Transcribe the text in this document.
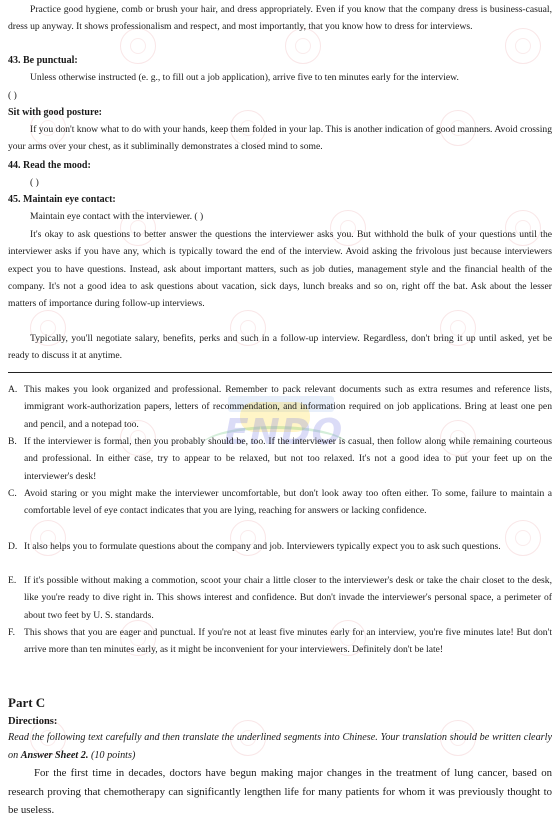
ENDO

Practice good hygiene, comb or brush your hair, and dress appropriately. Even if you know that the company dress is business-casual, dress up anyway. It shows professionalism and respect, and most importantly, that you know how to dress for interviews.

43. Be punctual:

Unless otherwise instructed (e. g., to fill out a job application), arrive five to ten minutes early for the interview.

( )

Sit with good posture:

If you don't know what to do with your hands, keep them folded in your lap. This is another indication of good manners. Avoid crossing your arms over your chest, as it subliminally demonstrates a closed mind to some.

44. Read the mood:

( )

45. Maintain eye contact:

Maintain eye contact with the interviewer. ( )

It's okay to ask questions to better answer the questions the interviewer asks you. But withhold the bulk of your questions until the interviewer asks if you have any, which is typically toward the end of the interview. Avoid asking the frivolous just because interviewers expect you to have questions. Instead, ask about important matters, such as job duties, management style and the financial health of the company. It's not a good idea to ask questions about vacation, sick days, lunch breaks and so on, right off the bat. Ask about the lesser matters of importance during follow-up interviews.

Typically, you'll negotiate salary, benefits, perks and such in a follow-up interview. Regardless, don't bring it up until asked, yet be ready to discuss it at anytime.

A. This makes you look organized and professional. Remember to pack relevant documents such as extra resumes and reference lists, immigrant work-authorization papers, letters of recommendation, and information required on job applications. Bring at least one pen and pencil, and a notepad too.
B. If the interviewer is formal, then you probably should be, too. If the interviewer is casual, then follow along while remaining courteous and professional. In either case, try to appear to be relaxed, but not too relaxed. It's not a good idea to put your feet up on the interviewer's desk!
C. Avoid staring or you might make the interviewer uncomfortable, but don't look away too often either. To some, failure to maintain a comfortable level of eye contact indicates that you are lying, reaching for answers or lacking confidence.
D. It also helps you to formulate questions about the company and job. Interviewers typically expect you to ask such questions.
E. If it's possible without making a commotion, scoot your chair a little closer to the interviewer's desk or take the chair closet to the desk, like you're ready to dive right in. This shows interest and confidence. But don't invade the interviewer's personal space, a perimeter of about two feet by U. S. standards.
F. This shows that you are eager and punctual. If you're not at least five minutes early for an interview, you're five minutes late! But don't arrive more than ten minutes early, as it might be inconvenient for your interviewers. Definitely don't be late!
Part C
Directions:

Read the following text carefully and then translate the underlined segments into Chinese. Your translation should be written clearly on Answer Sheet 2. (10 points)

For the first time in decades, doctors have begun making major changes in the treatment of lung cancer, based on research proving that chemotherapy can significantly lengthen life for many patients for whom it was previously thought to be useless.
